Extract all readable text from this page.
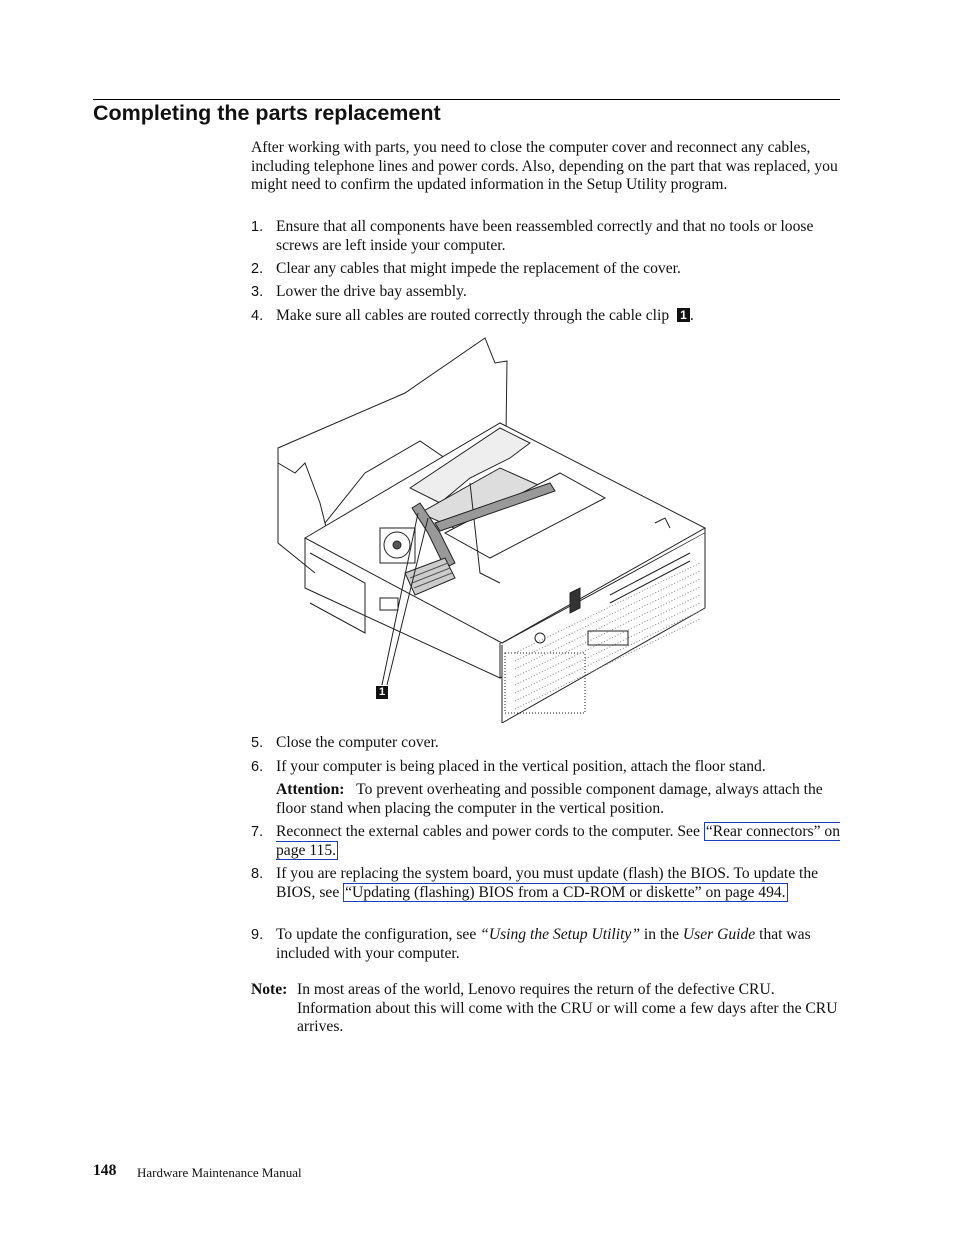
Completing the parts replacement

After working with parts, you need to close the computer cover and reconnect any cables, including telephone lines and power cords. Also, depending on the part that was replaced, you might need to confirm the updated information in the Setup Utility program.

1. Ensure that all components have been reassembled correctly and that no tools or loose screws are left inside your computer.

2. Clear any cables that might impede the replacement of the cover.

3. Lower the drive bay assembly.

4. Make sure all cables are routed correctly through the cable clip 1 .

1
5. Close the computer cover.

6. If your computer is being placed in the vertical position, attach the floor stand.

Attention: To prevent overheating and possible component damage, always attach the floor stand when placing the computer in the vertical position.

7. Reconnect the external cables and power cords to the computer. See “Rear connectors” on page 115.

8. If you are replacing the system board, you must update (flash) the BIOS. To update the BIOS, see “Updating (flashing) BIOS from a CD-ROM or diskette” on page 494.

9. To update the configuration, see “Using the Setup Utility” in the User Guide that was included with your computer.

Note: In most areas of the world, Lenovo requires the return of the defective CRU. Information about this will come with the CRU or will come a few days after the CRU arrives.

148 Hardware Maintenance Manual
